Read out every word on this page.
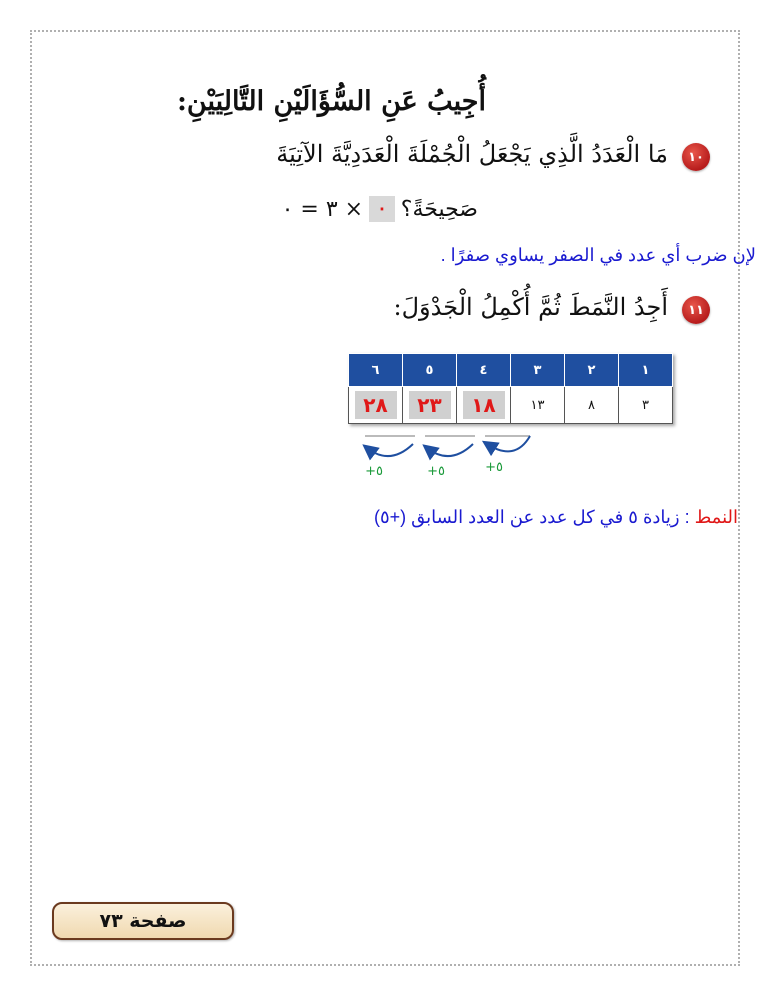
أُجِيبُ عَنِ السُّؤَالَيْنِ التَّالِيَيْنِ:
١٠
مَا الْعَدَدُ الَّذِي يَجْعَلُ الْجُمْلَةَ الْعَدَدِيَّةَ الآتِيَةَ
صَحِيحَةً؟
٠
× ٣ = ٠
لإن ضرب أي عدد في الصفر يساوي صفرًا .
١١
أَجِدُ النَّمَطَ ثُمَّ أُكْمِلُ الْجَدْوَلَ:
١	٢	٣	٤	٥	٦
٣	٨	١٣	١٨	٢٣	٢٨
٥+	٥+	٥+
النمط : زيادة ٥ في كل عدد عن العدد السابق (+٥)
صفحة ٧٣
